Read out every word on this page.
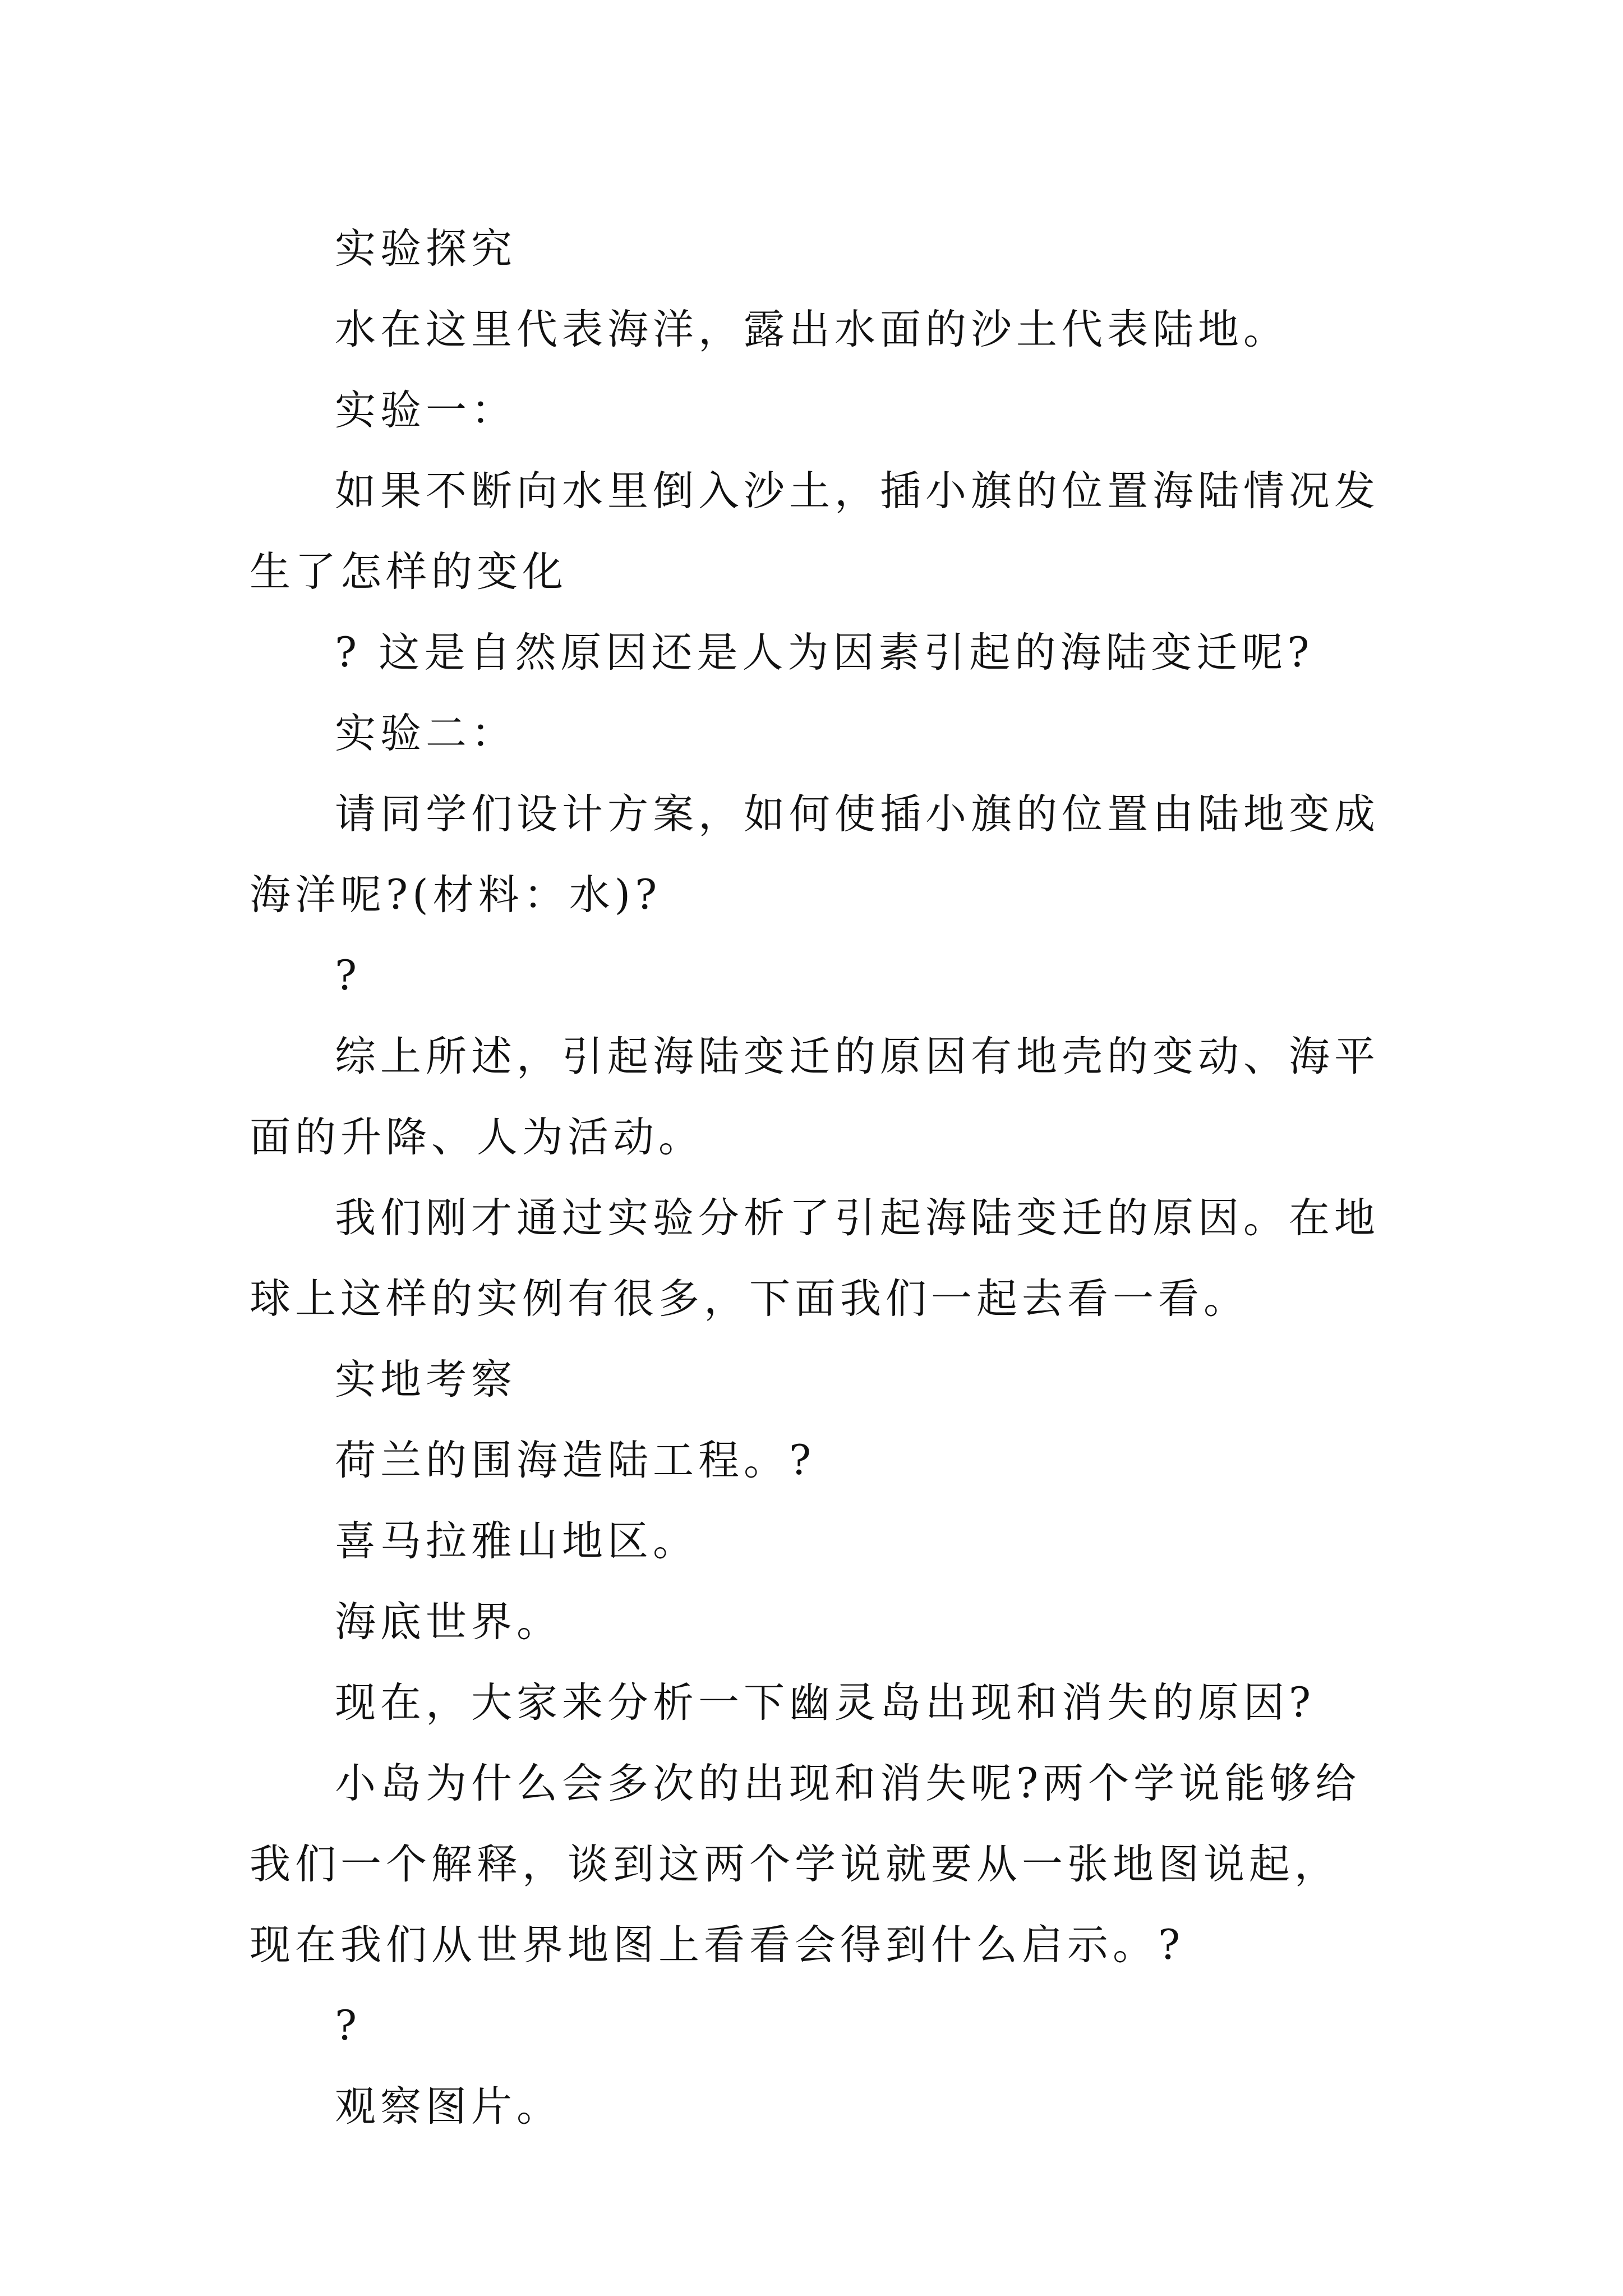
实验探究

水在这里代表海洋，露出水面的沙土代表陆地。

实验一：

如果不断向水里倒入沙土，插小旗的位置海陆情况发生了怎样的变化

? 这是自然原因还是人为因素引起的海陆变迁呢?

实验二：

请同学们设计方案，如何使插小旗的位置由陆地变成海洋呢?(材料：水)?

?

综上所述，引起海陆变迁的原因有地壳的变动、海平面的升降、人为活动。

我们刚才通过实验分析了引起海陆变迁的原因。在地球上这样的实例有很多，下面我们一起去看一看。

实地考察

荷兰的围海造陆工程。?

喜马拉雅山地区。

海底世界。

现在，大家来分析一下幽灵岛出现和消失的原因?

小岛为什么会多次的出现和消失呢?两个学说能够给我们一个解释，谈到这两个学说就要从一张地图说起，现在我们从世界地图上看看会得到什么启示。?

?

观察图片。
